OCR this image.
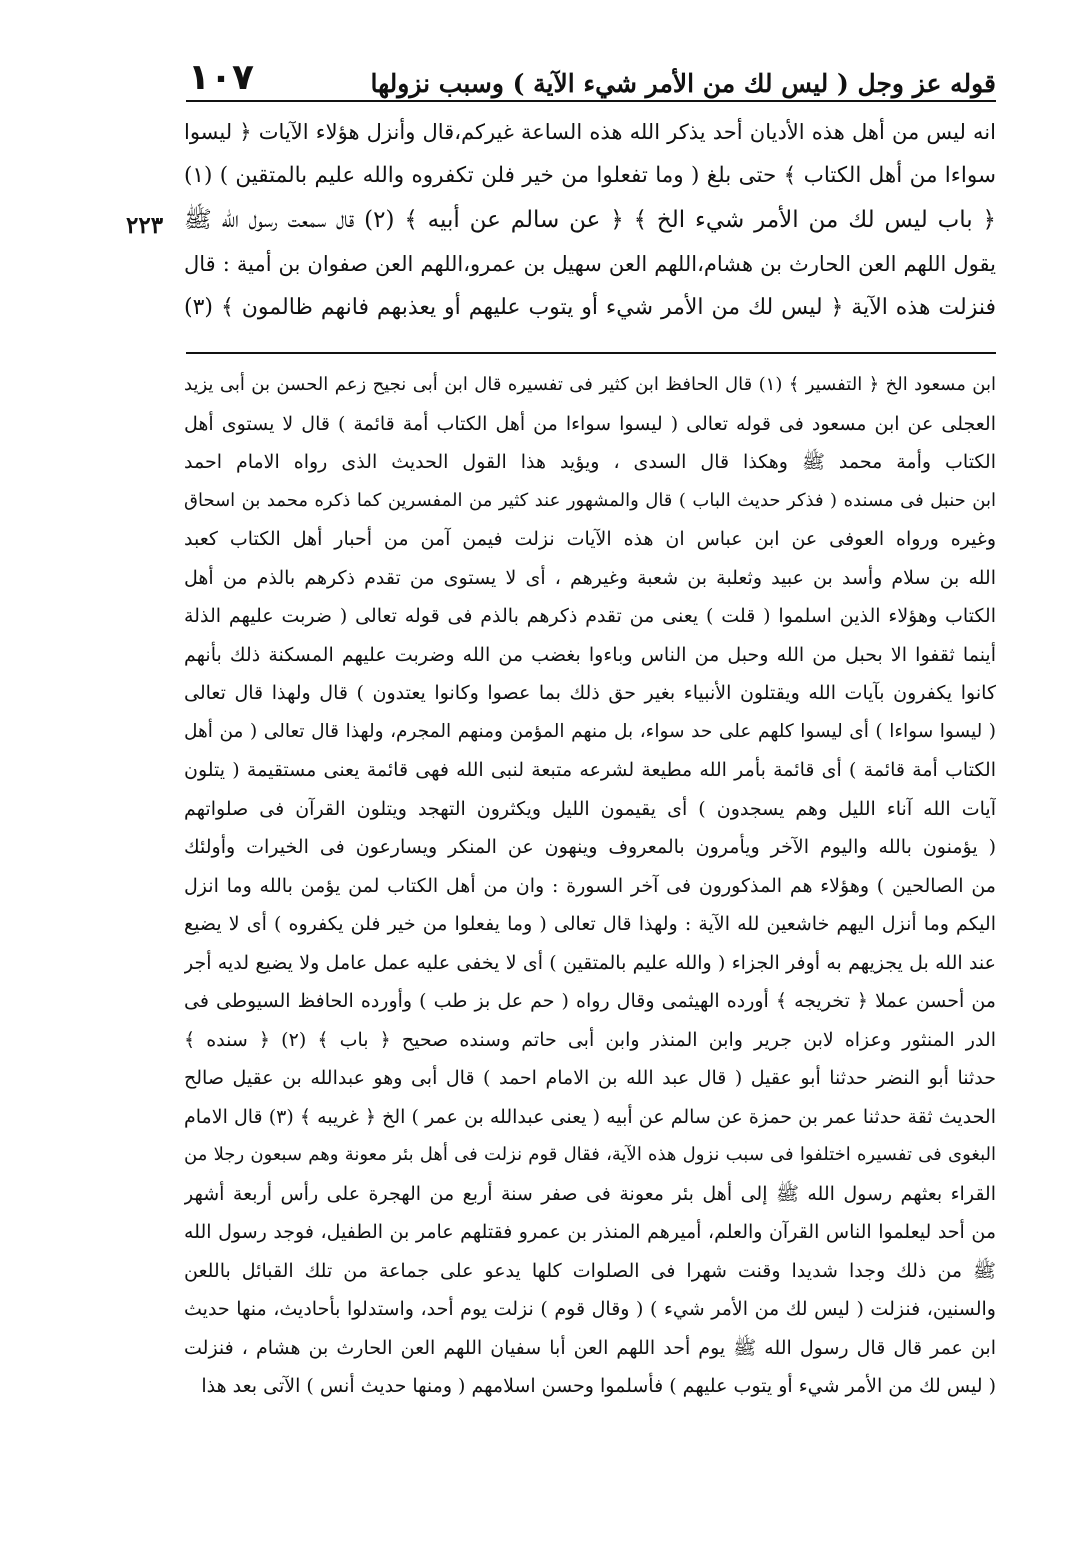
قوله عز وجل ( ليس لك من الأمر شيء الآية ) وسبب نزولها
١٠٧
انه ليس من أهل هذه الأديان أحد يذكر الله هذه الساعة غيركم،قال وأنزل هؤلاء الآيات ﴿ ليسوا
سواءا من أهل الكتاب ﴾ حتى بلغ ( وما تفعلوا من خير فلن تكفروه والله عليم بالمتقين ) (١)
﴿ باب ليس لك من الأمر شيء الخ ﴾ ﴿ عن سالم عن أبيه ﴾ (٢) قال سمعت رسول الله ﷺ
يقول اللهم العن الحارث بن هشام،اللهم العن سهيل بن عمرو،اللهم العن صفوان بن أمية : قال
فنزلت هذه الآية ﴿ ليس لك من الأمر شيء أو يتوب عليهم أو يعذبهم فانهم ظالمون ﴾ (٣)
٢٢٣
ابن مسعود الخ ﴿ التفسير ﴾ (١) قال الحافظ ابن كثير فى تفسيره قال ابن أبى نجيح زعم الحسن بن أبى يزيد
العجلى عن ابن مسعود فى قوله تعالى ( ليسوا سواءا من أهل الكتاب أمة قائمة ) قال لا يستوى أهل
الكتاب وأمة محمد ﷺ وهكذا قال السدى ، ويؤيد هذا القول الحديث الذى رواه الامام احمد
ابن حنبل فى مسنده ( فذكر حديث الباب ) قال والمشهور عند كثير من المفسرين كما ذكره محمد بن اسحاق
وغيره ورواه العوفى عن ابن عباس ان هذه الآيات نزلت فيمن آمن من أحبار أهل الكتاب كعبد
الله بن سلام وأسد بن عبيد وثعلبة بن شعبة وغيرهم ، أى لا يستوى من تقدم ذكرهم بالذم من أهل
الكتاب وهؤلاء الذين اسلموا ( قلت ) يعنى من تقدم ذكرهم بالذم فى قوله تعالى ( ضربت عليهم الذلة
أينما ثقفوا الا بحبل من الله وحبل من الناس وباءوا بغضب من الله وضربت عليهم المسكنة ذلك بأنهم
كانوا يكفرون بآيات الله ويقتلون الأنبياء بغير حق ذلك بما عصوا وكانوا يعتدون ) قال ولهذا قال تعالى
( ليسوا سواءا ) أى ليسوا كلهم على حد سواء، بل منهم المؤمن ومنهم المجرم، ولهذا قال تعالى ( من أهل
الكتاب أمة قائمة ) أى قائمة بأمر الله مطيعة لشرعه متبعة لنبى الله فهى قائمة يعنى مستقيمة ( يتلون
آيات الله آناء الليل وهم يسجدون ) أى يقيمون الليل ويكثرون التهجد ويتلون القرآن فى صلواتهم
( يؤمنون بالله واليوم الآخر ويأمرون بالمعروف وينهون عن المنكر ويسارعون فى الخيرات وأولئك
من الصالحين ) وهؤلاء هم المذكورون فى آخر السورة : وان من أهل الكتاب لمن يؤمن بالله وما انزل
اليكم وما أنزل اليهم خاشعين لله الآية : ولهذا قال تعالى ( وما يفعلوا من خير فلن يكفروه ) أى لا يضيع
عند الله بل يجزيهم به أوفر الجزاء ( والله عليم بالمتقين ) أى لا يخفى عليه عمل عامل ولا يضيع لديه أجر
من أحسن عملا ﴿ تخريجه ﴾ أورده الهيثمى وقال رواه ( حم عل بز طب ) وأورده الحافظ السيوطى فى
الدر المنثور وعزاه لابن جرير وابن المنذر وابن أبى حاتم وسنده صحيح ﴿ باب ﴾ (٢) ﴿ سنده ﴾
حدثنا أبو النضر حدثنا أبو عقيل ( قال عبد الله بن الامام احمد ) قال أبى وهو عبدالله بن عقيل صالح
الحديث ثقة حدثنا عمر بن حمزة عن سالم عن أبيه ( يعنى عبدالله بن عمر ) الخ ﴿ غريبه ﴾ (٣) قال الامام
البغوى فى تفسيره اختلفوا فى سبب نزول هذه الآية، فقال قوم نزلت فى أهل بئر معونة وهم سبعون رجلا من
القراء بعثهم رسول الله ﷺ إلى أهل بئر معونة فى صفر سنة أربع من الهجرة على رأس أربعة أشهر
من أحد ليعلموا الناس القرآن والعلم، أميرهم المنذر بن عمرو فقتلهم عامر بن الطفيل، فوجد رسول الله
ﷺ من ذلك وجدا شديدا وقنت شهرا فى الصلوات كلها يدعو على جماعة من تلك القبائل باللعن
والسنين، فنزلت ( ليس لك من الأمر شيء ) ( وقال قوم ) نزلت يوم أحد، واستدلوا بأحاديث، منها حديث
ابن عمر قال قال رسول الله ﷺ يوم أحد اللهم العن أبا سفيان اللهم العن الحارث بن هشام ، فنزلت
( ليس لك من الأمر شيء أو يتوب عليهم ) فأسلموا وحسن اسلامهم ( ومنها حديث أنس ) الآتى بعد هذا
